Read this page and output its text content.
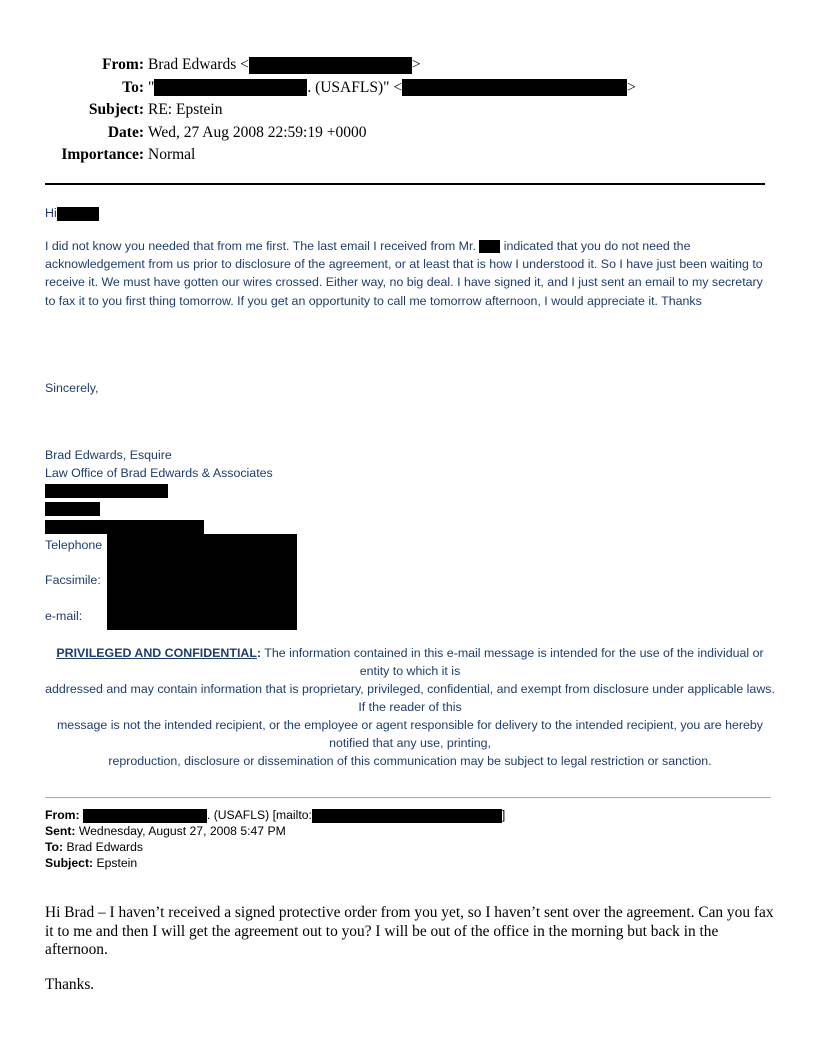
From: Brad Edwards <	>
To: "	. (USAFLS)" <	>
Subject: RE: Epstein
Date: Wed, 27 Aug 2008 22:59:19 +0000
Importance: Normal
Hi
I did not know you needed that from me first. The last email I received from Mr.  indicated that you do not need the acknowledgement from us prior to disclosure of the agreement, or at least that is how I understood it. So I have just been waiting to receive it. We must have gotten our wires crossed. Either way, no big deal. I have signed it, and I just sent an email to my secretary to fax it to you first thing tomorrow. If you get an opportunity to call me tomorrow afternoon, I would appreciate it. Thanks
Sincerely,
Brad Edwards, Esquire
Law Office of Brad Edwards & Associates
Telephone
Facsimile:
e-mail:
PRIVILEGED AND CONFIDENTIAL: The information contained in this e-mail message is intended for the use of the individual or entity to which it is
addressed and may contain information that is proprietary, privileged, confidential, and exempt from disclosure under applicable laws. If the reader of this
message is not the intended recipient, or the employee or agent responsible for delivery to the intended recipient, you are hereby notified that any use, printing,
reproduction, disclosure or dissemination of this communication may be subject to legal restriction or sanction.
From:	. (USAFLS) [mailto:	]
Sent: Wednesday, August 27, 2008 5:47 PM
To: Brad Edwards
Subject: Epstein
Hi Brad – I haven’t received a signed protective order from you yet, so I haven’t sent over the agreement. Can you fax it to me and then I will get the agreement out to you? I will be out of the office in the morning but back in the afternoon.
Thanks.
